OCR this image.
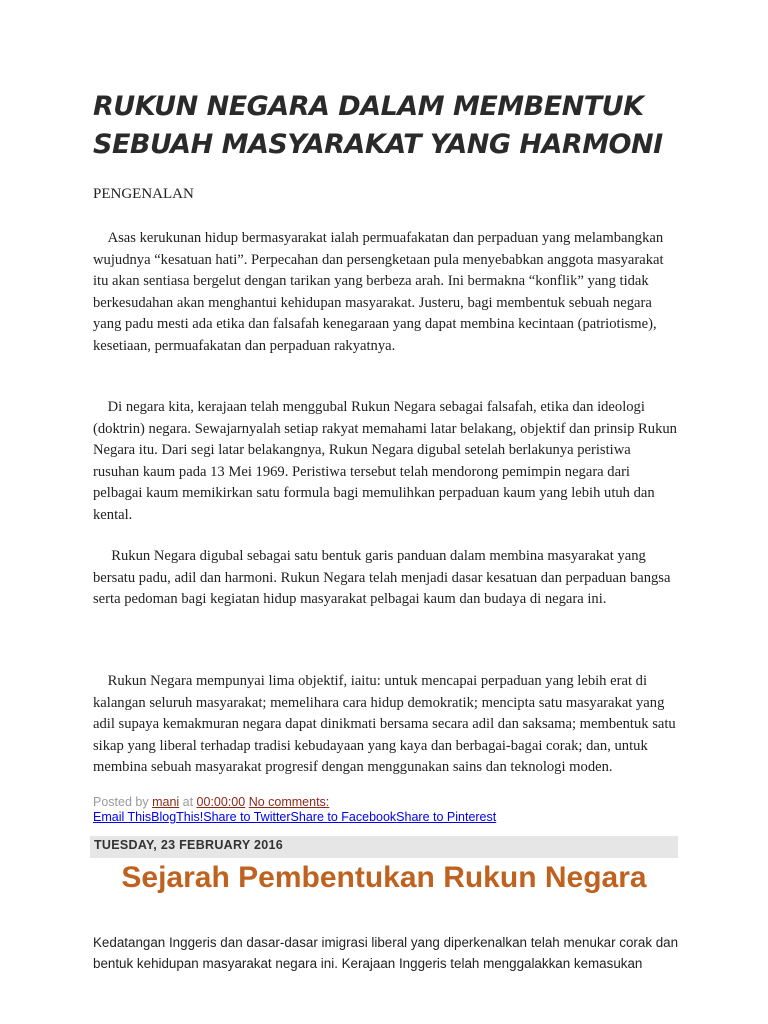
RUKUN NEGARA DALAM MEMBENTUK SEBUAH MASYARAKAT YANG HARMONI

PENGENALAN

Asas kerukunan hidup bermasyarakat ialah permuafakatan dan perpaduan yang melambangkan wujudnya “kesatuan hati”. Perpecahan dan persengketaan pula menyebabkan anggota masyarakat itu akan sentiasa bergelut dengan tarikan yang berbeza arah. Ini bermakna “konflik” yang tidak berkesudahan akan menghantui kehidupan masyarakat. Justeru, bagi membentuk sebuah negara yang padu mesti ada etika dan falsafah kenegaraan yang dapat membina kecintaan (patriotisme), kesetiaan, permuafakatan dan perpaduan rakyatnya.

Di negara kita, kerajaan telah menggubal Rukun Negara sebagai falsafah, etika dan ideologi (doktrin) negara. Sewajarnyalah setiap rakyat memahami latar belakang, objektif dan prinsip Rukun Negara itu. Dari segi latar belakangnya, Rukun Negara digubal setelah berlakunya peristiwa rusuhan kaum pada 13 Mei 1969. Peristiwa tersebut telah mendorong pemimpin negara dari pelbagai kaum memikirkan satu formula bagi memulihkan perpaduan kaum yang lebih utuh dan kental.

Rukun Negara digubal sebagai satu bentuk garis panduan dalam membina masyarakat yang bersatu padu, adil dan harmoni. Rukun Negara telah menjadi dasar kesatuan dan perpaduan bangsa serta pedoman bagi kegiatan hidup masyarakat pelbagai kaum dan budaya di negara ini.

Rukun Negara mempunyai lima objektif, iaitu: untuk mencapai perpaduan yang lebih erat di kalangan seluruh masyarakat; memelihara cara hidup demokratik; mencipta satu masyarakat yang adil supaya kemakmuran negara dapat dinikmati bersama secara adil dan saksama; membentuk satu sikap yang liberal terhadap tradisi kebudayaan yang kaya dan berbagai-bagai corak; dan, untuk membina sebuah masyarakat progresif dengan menggunakan sains dan teknologi moden.

Posted by mani at 00:00:00 No comments:

Email ThisBlogThis!Share to TwitterShare to FacebookShare to Pinterest

TUESDAY, 23 FEBRUARY 2016
Sejarah Pembentukan Rukun Negara

Kedatangan Inggeris dan dasar-dasar imigrasi liberal yang diperkenalkan telah menukar corak dan bentuk kehidupan masyarakat negara ini. Kerajaan Inggeris telah menggalakkan kemasukan
